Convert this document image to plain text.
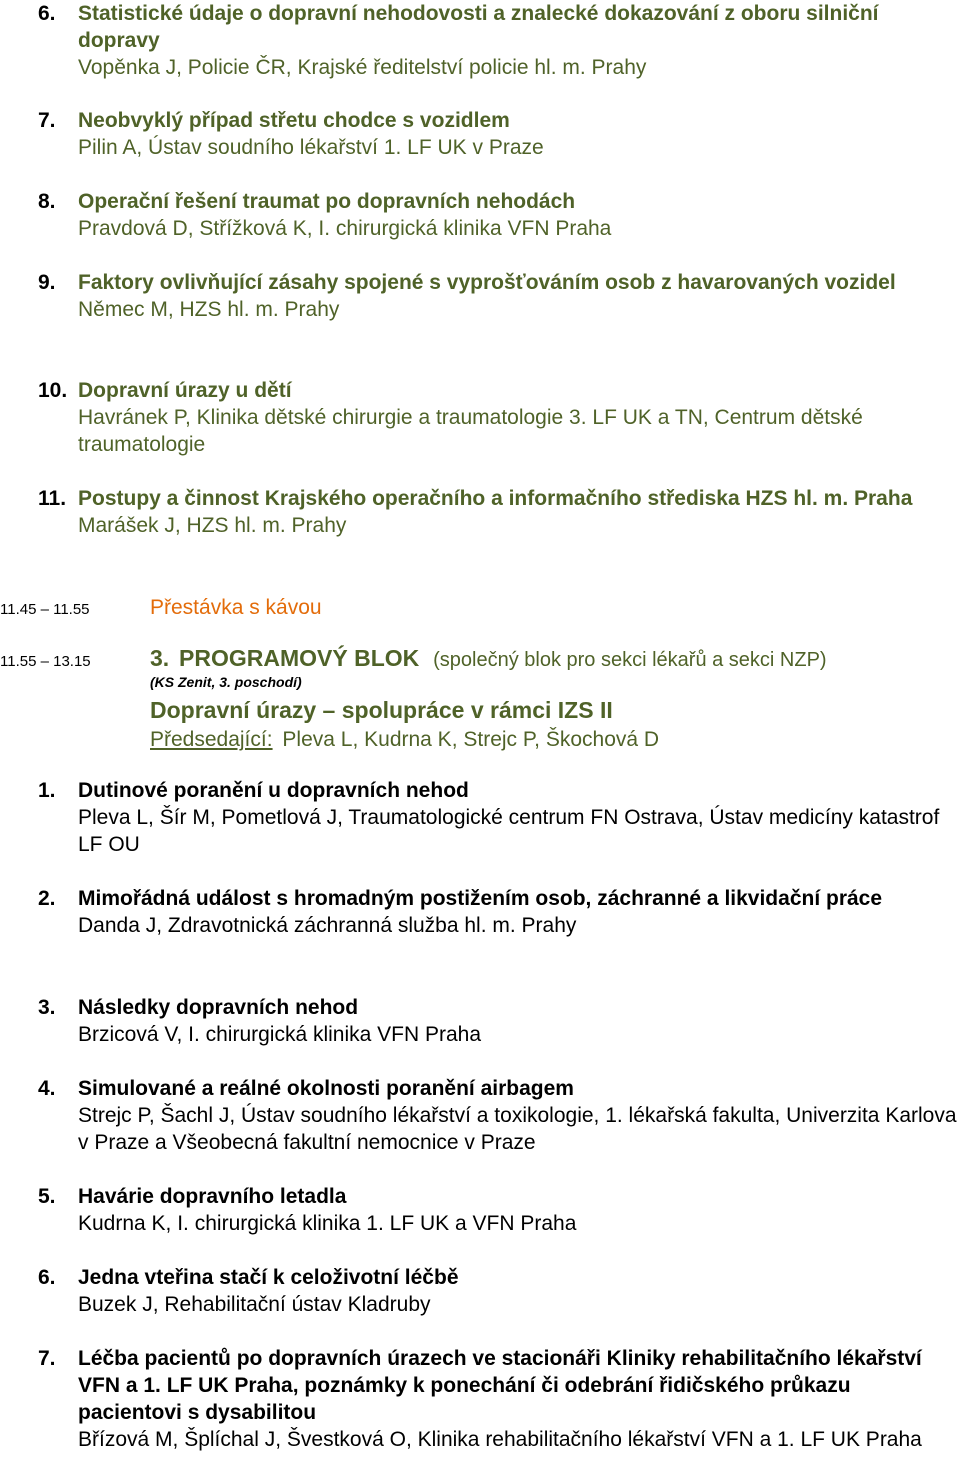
6. Statistické údaje o dopravní nehodovosti a znalecké dokazování z oboru silniční dopravy
Vopěnka J, Policie ČR, Krajské ředitelství policie hl. m. Prahy
7. Neobvyklý případ střetu chodce s vozidlem
Pilin A, Ústav soudního lékařství 1. LF UK v Praze
8. Operační řešení traumat po dopravních nehodách
Pravdová D, Střížková K, I. chirurgická klinika VFN Praha
9. Faktory ovlivňující zásahy spojené s vyprošťováním osob z havarovaných vozidel
Němec M, HZS hl. m. Prahy
10. Dopravní úrazy u dětí
Havránek P, Klinika dětské chirurgie a traumatologie 3. LF UK a TN, Centrum dětské traumatologie
11. Postupy a činnost Krajského operačního a informačního střediska HZS hl. m. Praha
Marášek J, HZS hl. m. Prahy
11.45 – 11.55	Přestávka s kávou
11.55 – 13.15	3. PROGRAMOVÝ BLOK (společný blok pro sekci lékařů a sekci NZP)
(KS Zenit, 3. poschodí)
Dopravní úrazy – spolupráce v rámci IZS II
Předsedající: Pleva L, Kudrna K, Strejc P, Škochová D
1. Dutinové poranění u dopravních nehod
Pleva L, Šír M, Pometlová J, Traumatologické centrum FN Ostrava, Ústav medicíny katastrof LF OU
2. Mimořádná událost s hromadným postižením osob, záchranné a likvidační práce
Danda J, Zdravotnická záchranná služba hl. m. Prahy
3. Následky dopravních nehod
Brzicová V, I. chirurgická klinika VFN Praha
4. Simulované a reálné okolnosti poranění airbagem
Strejc P, Šachl J, Ústav soudního lékařství a toxikologie, 1. lékařská fakulta, Univerzita Karlova v Praze a Všeobecná fakultní nemocnice v Praze
5. Havárie dopravního letadla
Kudrna K, I. chirurgická klinika 1. LF UK a VFN Praha
6. Jedna vteřina stačí k celoživotní léčbě
Buzek J, Rehabilitační ústav Kladruby
7. Léčba pacientů po dopravních úrazech ve stacionáři Kliniky rehabilitačního lékařství VFN a 1. LF UK Praha, poznámky k ponechání či odebrání řidičského průkazu pacientovi s dysabilitou
Břízová M, Šplíchal J, Švestková O, Klinika rehabilitačního lékařství VFN a 1. LF UK Praha
